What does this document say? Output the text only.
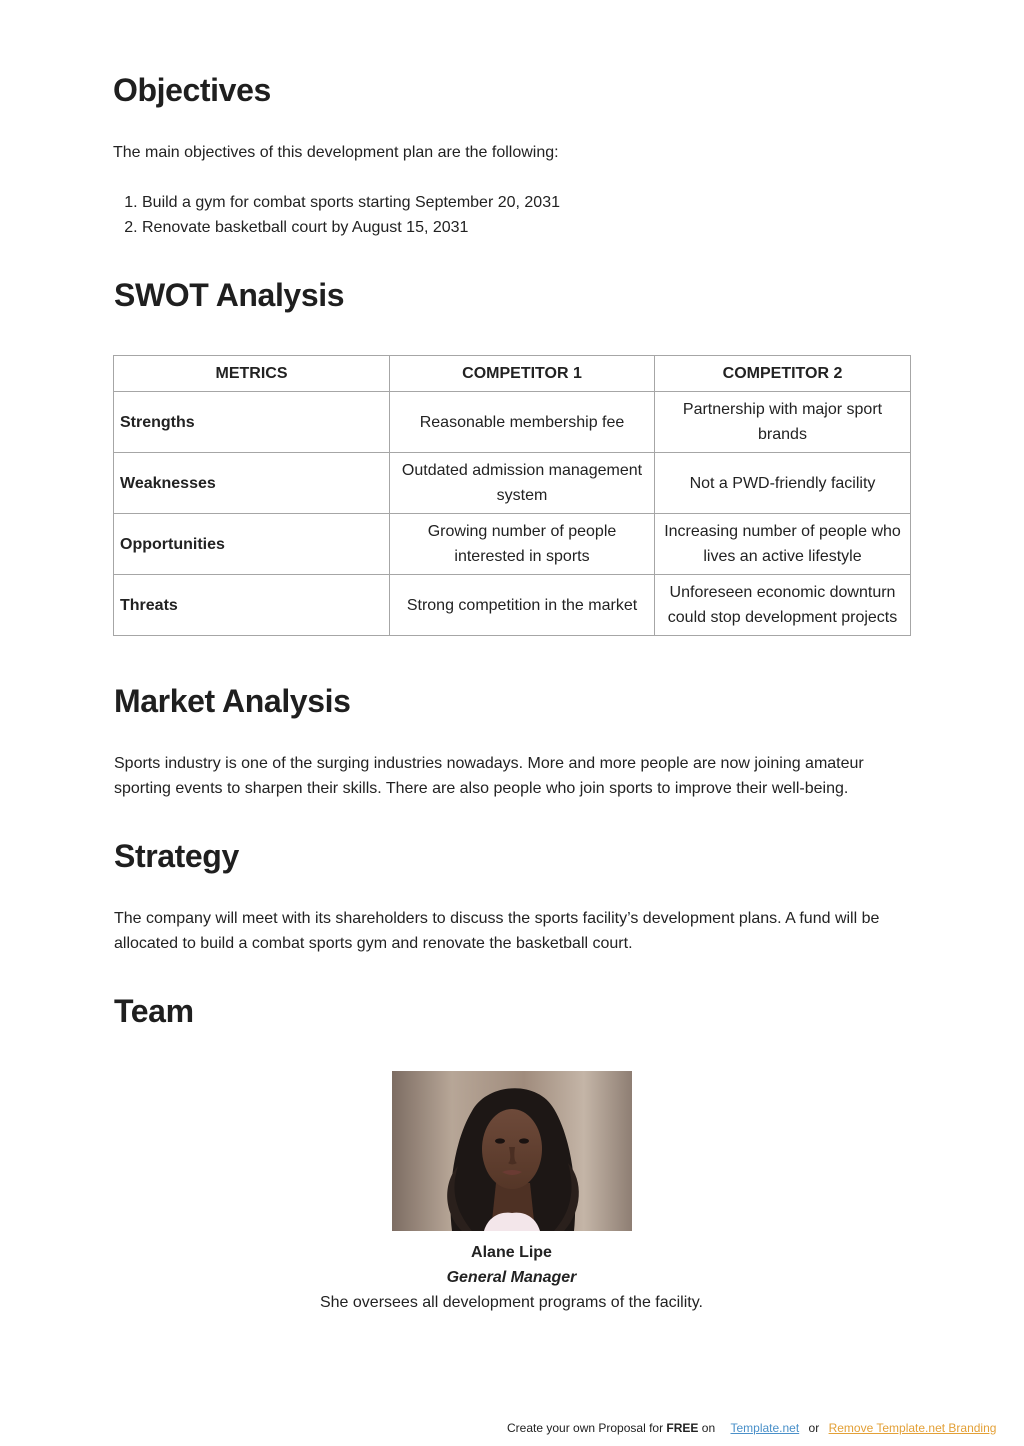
Objectives

The main objectives of this development plan are the following:

1. Build a gym for combat sports starting September 20, 2031
2. Renovate basketball court by August 15, 2031
SWOT Analysis
METRICS	COMPETITOR 1	COMPETITOR 2
Strengths	Reasonable membership fee	Partnership with major sport brands
Weaknesses	Outdated admission management system	Not a PWD-friendly facility
Opportunities	Growing number of people interested in sports	Increasing number of people who lives an active lifestyle
Threats	Strong competition in the market	Unforeseen economic downturn could stop development projects
Market Analysis

Sports industry is one of the surging industries nowadays. More and more people are now joining amateur sporting events to sharpen their skills. There are also people who join sports to improve their well-being.

Strategy

The company will meet with its shareholders to discuss the sports facility’s development plans. A fund will be allocated to build a combat sports gym and renovate the basketball court.

Team
Alane Lipe
General Manager
She oversees all development programs of the facility.
Create your own Proposal for FREE on Template.net or Remove Template.net Branding
